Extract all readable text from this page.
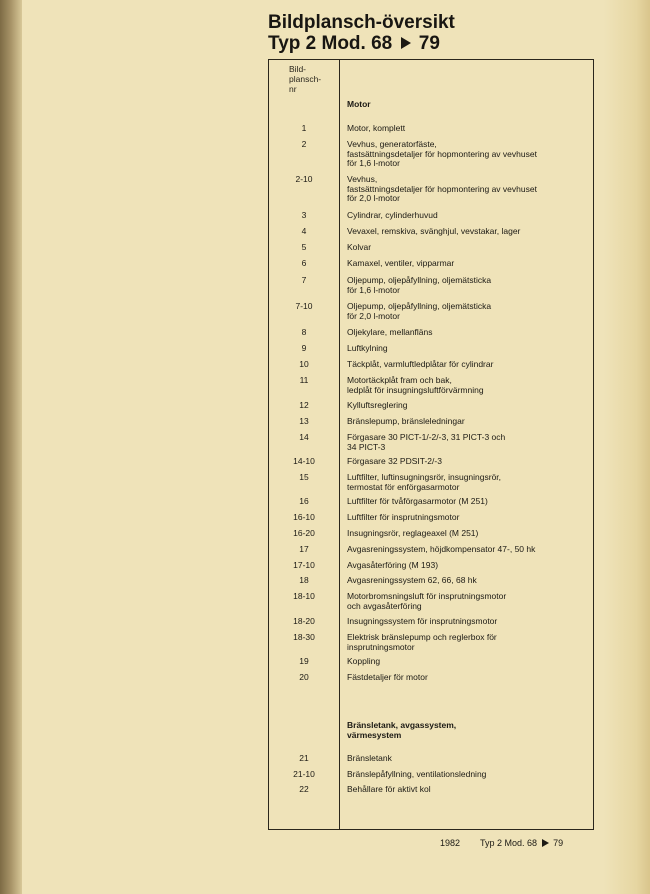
Bildplansch-översikt
Typ 2 Mod. 68 79
Bild-
plansch-
nr
Motor
1	Motor, komplett
2	Vevhus, generatorfäste,
fastsättningsdetaljer för hopmontering av vevhuset
för 1,6 l-motor
2-10	Vevhus,
fastsättningsdetaljer för hopmontering av vevhuset
för 2,0 l-motor
3	Cylindrar, cylinderhuvud
4	Vevaxel, remskiva, svänghjul, vevstakar, lager
5	Kolvar
6	Kamaxel, ventiler, vipparmar
7	Oljepump, oljepåfyllning, oljemätsticka
för 1,6 l-motor
7-10	Oljepump, oljepåfyllning, oljemätsticka
för 2,0 l-motor
8	Oljekylare, mellanfläns
9	Luftkylning
10	Täckplåt, varmluftledplåtar för cylindrar
11	Motortäckplåt fram och bak,
ledplåt för insugningsluftförvärmning
12	Kylluftsreglering
13	Bränslepump, bränsleledningar
14	Förgasare 30 PICT-1/-2/-3, 31 PICT-3 och
34 PICT-3
14-10	Förgasare 32 PDSIT-2/-3
15	Luftfilter, luftinsugningsrör, insugningsrör,
termostat för enförgasarmotor
16	Luftfilter för tvåförgasarmotor (M 251)
16-10	Luftfilter för insprutningsmotor
16-20	Insugningsrör, reglageaxel (M 251)
17	Avgasreningssystem, höjdkompensator 47-, 50 hk
17-10	Avgasåterföring (M 193)
18	Avgasreningssystem 62, 66, 68 hk
18-10	Motorbromsningsluft för insprutningsmotor
och avgasåterföring
18-20	Insugningssystem för insprutningsmotor
18-30	Elektrisk bränslepump och reglerbox för
insprutningsmotor
19	Koppling
20	Fästdetaljer för motor
Bränsletank, avgassystem,
värmesystem
21	Bränsletank
21-10	Bränslepåfyllning, ventilationsledning
22	Behållare för aktivt kol
1982 Typ 2 Mod. 68 79
